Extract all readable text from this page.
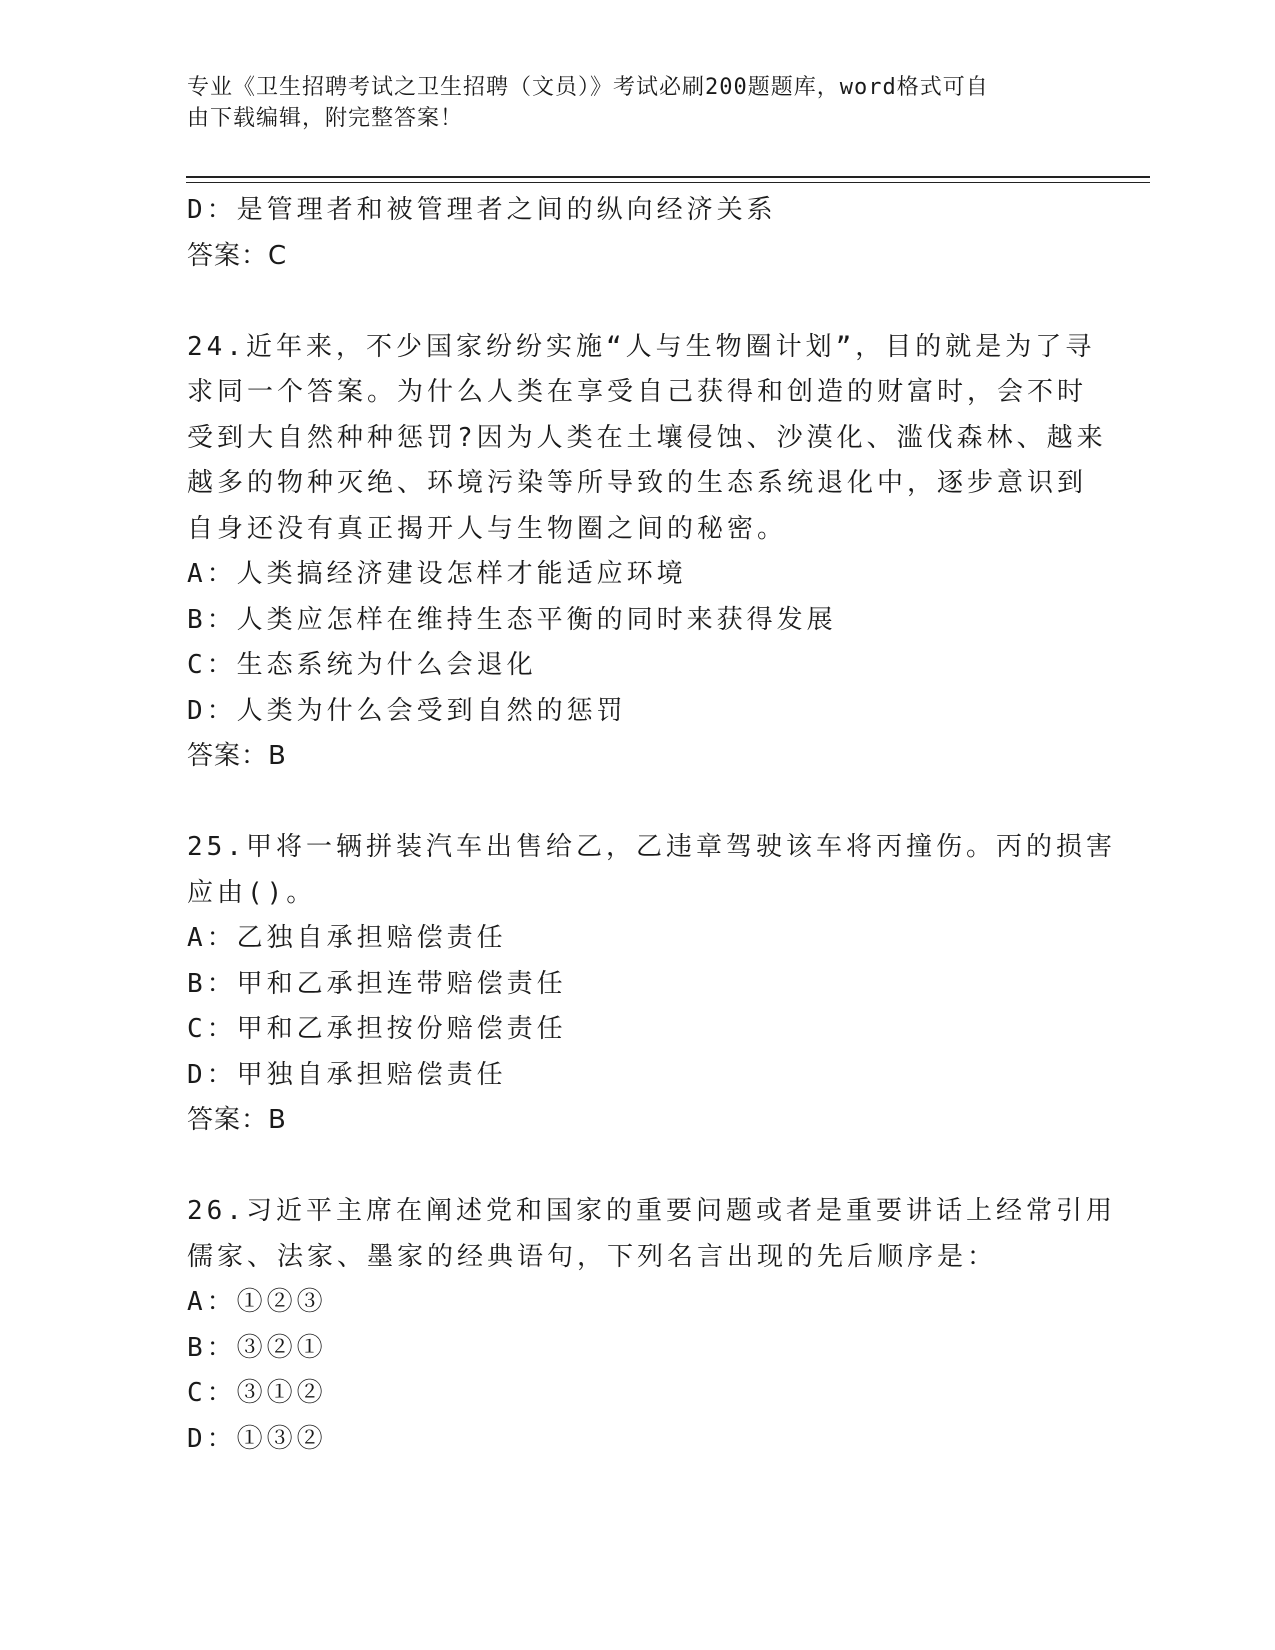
专业《卫生招聘考试之卫生招聘（文员）》考试必刷200题题库，word格式可自
由下载编辑，附完整答案！
D：是管理者和被管理者之间的纵向经济关系
答案：C
24.近年来，不少国家纷纷实施“人与生物圈计划”，目的就是为了寻
求同一个答案。为什么人类在享受自己获得和创造的财富时，会不时
受到大自然种种惩罚?因为人类在土壤侵蚀、沙漠化、滥伐森林、越来
越多的物种灭绝、环境污染等所导致的生态系统退化中，逐步意识到
自身还没有真正揭开人与生物圈之间的秘密。
A：人类搞经济建设怎样才能适应环境
B：人类应怎样在维持生态平衡的同时来获得发展
C：生态系统为什么会退化
D：人类为什么会受到自然的惩罚
答案：B
25.甲将一辆拼装汽车出售给乙，乙违章驾驶该车将丙撞伤。丙的损害
应由()。
A：乙独自承担赔偿责任
B：甲和乙承担连带赔偿责任
C：甲和乙承担按份赔偿责任
D：甲独自承担赔偿责任
答案：B
26.习近平主席在阐述党和国家的重要问题或者是重要讲话上经常引用
儒家、法家、墨家的经典语句，下列名言出现的先后顺序是：
A：①②③
B：③②①
C：③①②
D：①③②
